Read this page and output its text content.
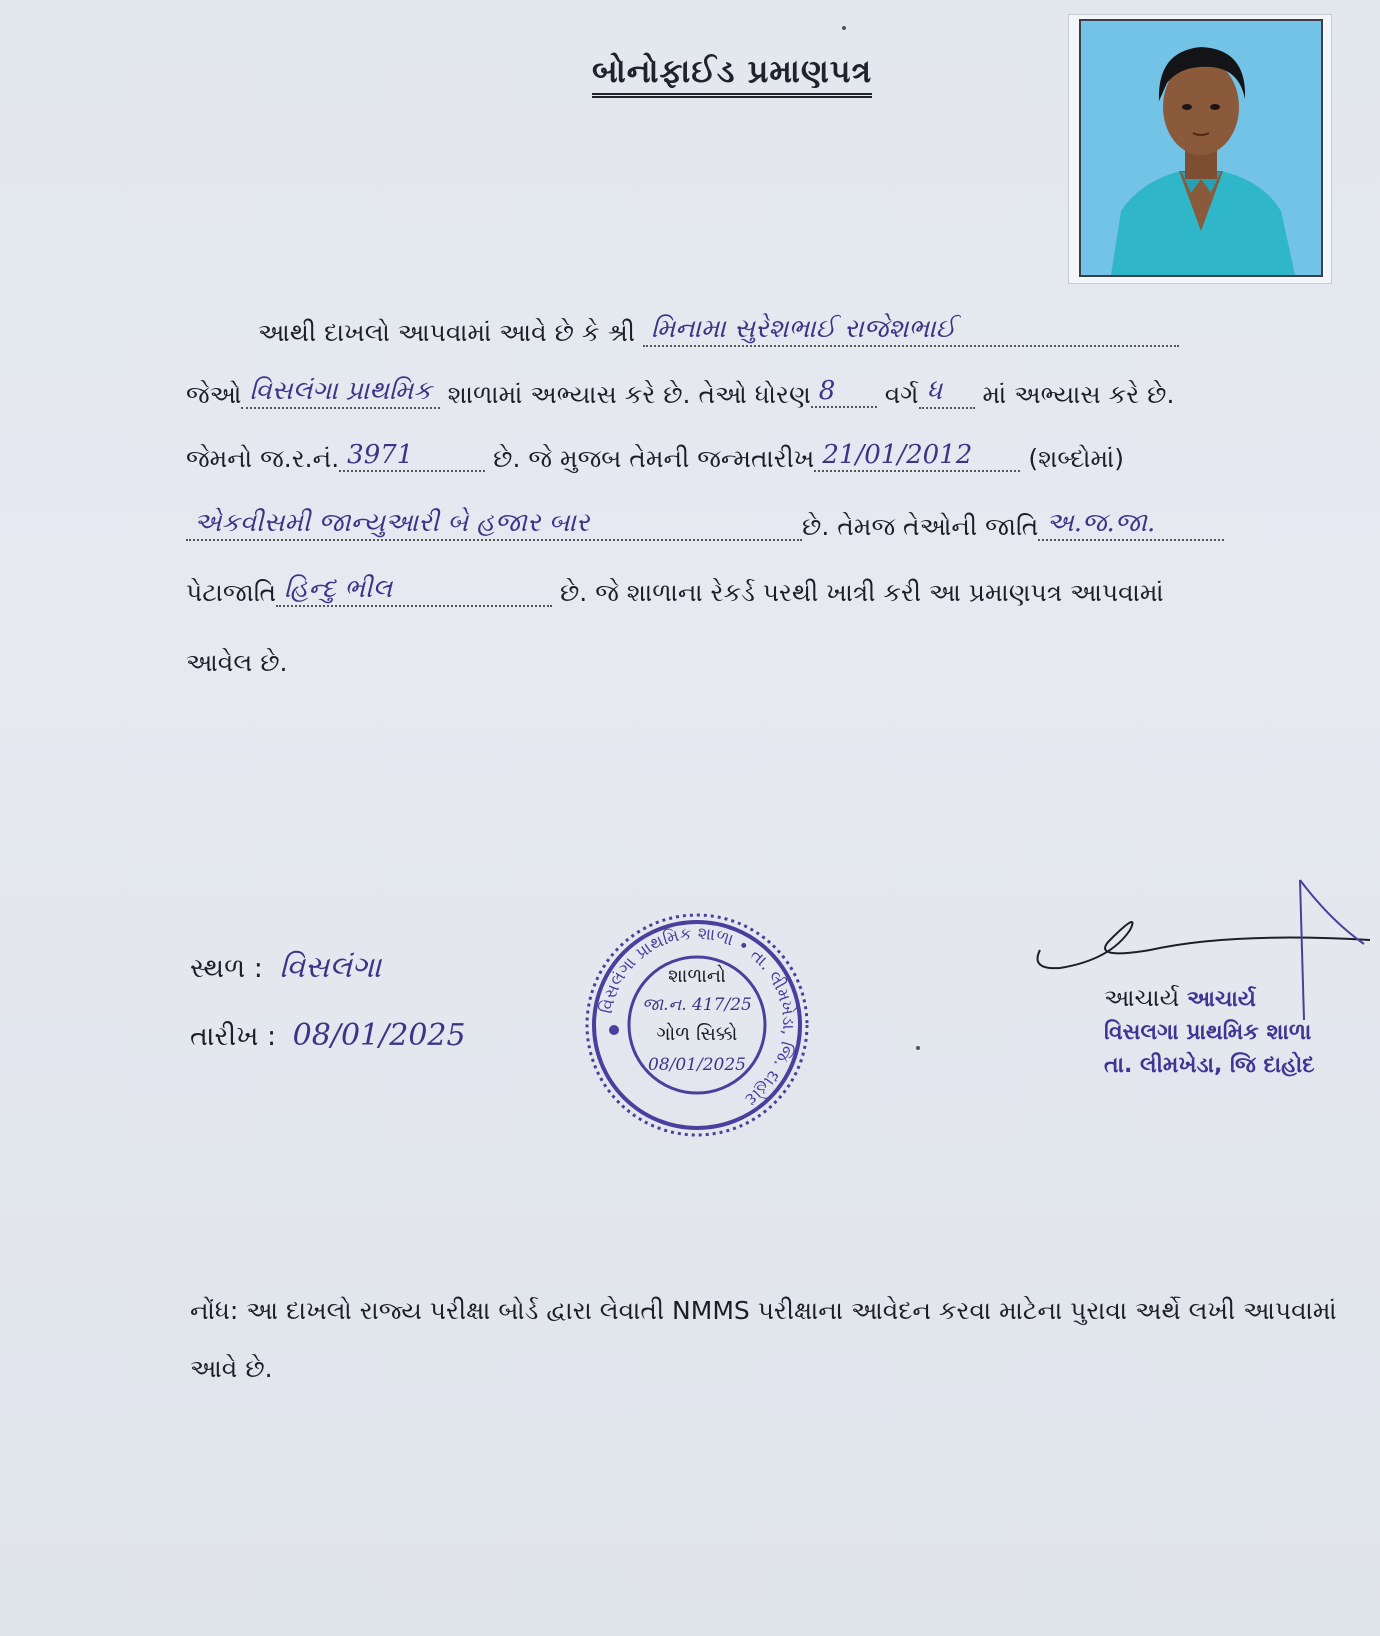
બોનોફાઈડ પ્રમાણપત્ર
આથી દાખલો આપવામાં આવે છે કે શ્રી મિનામા સુરેશભાઈ રાજેશભાઈ
જેઓ વિસલંગા પ્રાથમિક શાળામાં અભ્યાસ કરે છે. તેઓ ધોરણ 8 વર્ગ ધ માં અભ્યાસ કરે છે.
જેમનો જ.ર.નં. 3971	છે. જે મુજબ તેમની જન્મતારીખ 21/01/2012 (શબ્દોમાં)
એકવીસમી જાન્યુઆરી બે હજાર બાર	છે. તેમજ તેઓની જાતિ અ.જ.જા.
પેટાજાતિ હિન્દુ ભીલ	છે. જે શાળાના રેકર્ડ પરથી ખાત્રી કરી આ પ્રમાણપત્ર આપવામાં
આવેલ છે.
સ્થળ : વિસલંગા
તારીખ : 08/01/2025
વિસલંગા પ્રાથમિક શાળા • તા. લીમખેડા, જિ. દાહોદ
શાળાનો
જા.ન. 417/25
ગોળ સિક્કો
08/01/2025
આચાર્ય આચાર્ય
વિસલગા પ્રાથમિક શાળા
તા. લીમખેડા, જિ દાહોદ
નોંધ: આ દાખલો રાજ્ય પરીક્ષા બોર્ડ દ્વારા લેવાતી NMMS પરીક્ષાના આવેદન કરવા માટેના પુરાવા અર્થે લખી આપવામાં આવે છે.
